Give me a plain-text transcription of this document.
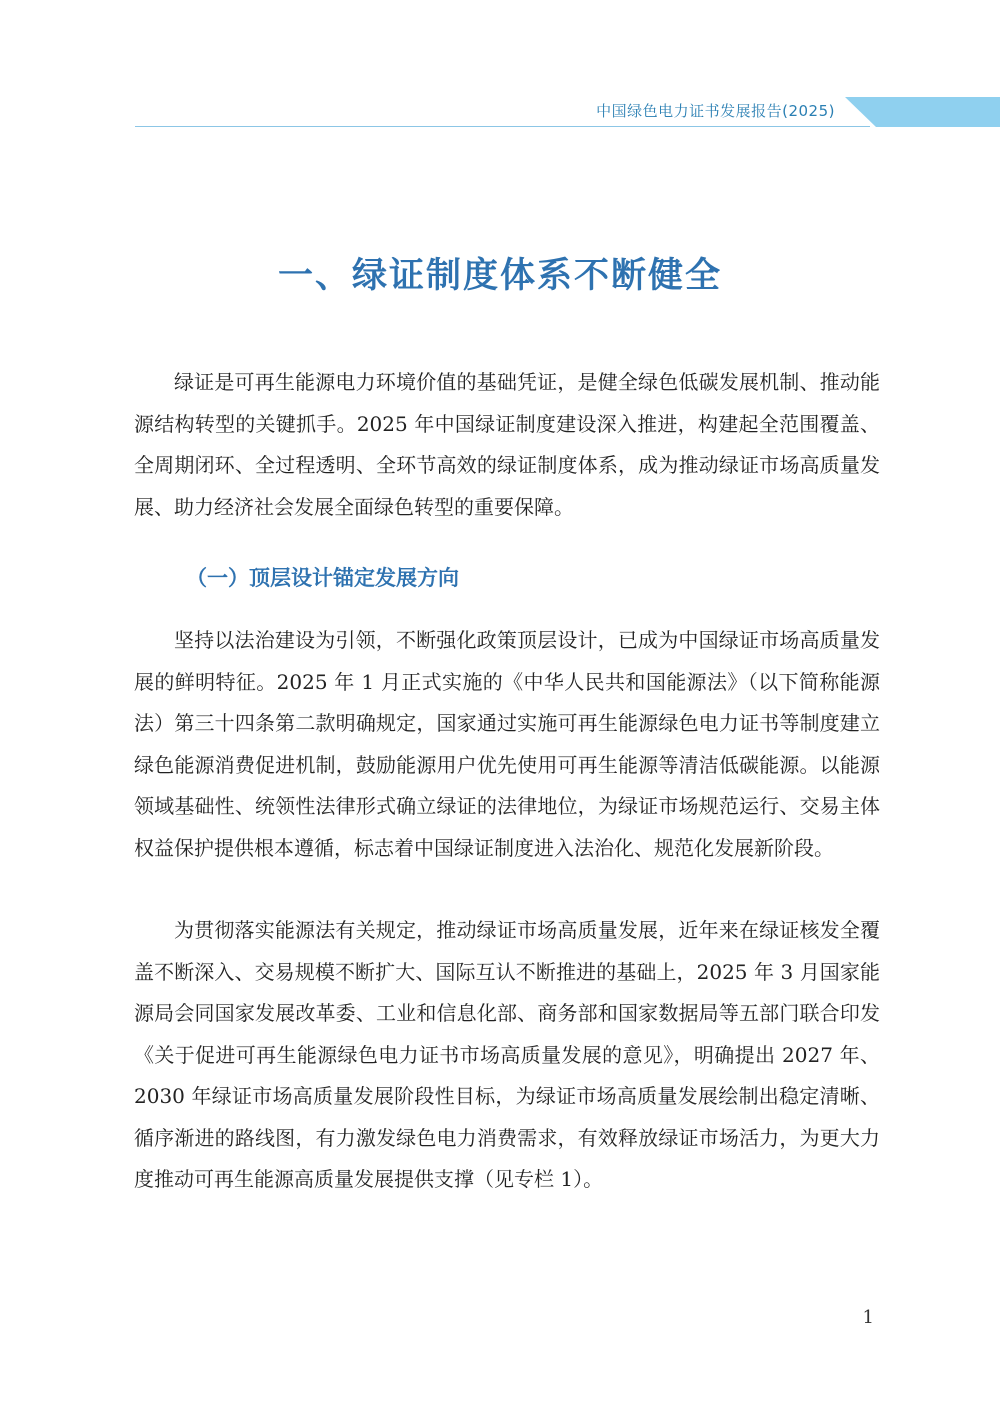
中国绿色电力证书发展报告(2025)
一、绿证制度体系不断健全

绿证是可再生能源电力环境价值的基础凭证，是健全绿色低碳发展机制、推动能源结构转型的关键抓手。2025 年中国绿证制度建设深入推进，构建起全范围覆盖、全周期闭环、全过程透明、全环节高效的绿证制度体系，成为推动绿证市场高质量发展、助力经济社会发展全面绿色转型的重要保障。

（一）顶层设计锚定发展方向

坚持以法治建设为引领，不断强化政策顶层设计，已成为中国绿证市场高质量发展的鲜明特征。2025 年 1 月正式实施的《中华人民共和国能源法》（以下简称能源法）第三十四条第二款明确规定，国家通过实施可再生能源绿色电力证书等制度建立绿色能源消费促进机制，鼓励能源用户优先使用可再生能源等清洁低碳能源。以能源领域基础性、统领性法律形式确立绿证的法律地位，为绿证市场规范运行、交易主体权益保护提供根本遵循，标志着中国绿证制度进入法治化、规范化发展新阶段。

为贯彻落实能源法有关规定，推动绿证市场高质量发展，近年来在绿证核发全覆盖不断深入、交易规模不断扩大、国际互认不断推进的基础上，2025 年 3 月国家能源局会同国家发展改革委、工业和信息化部、商务部和国家数据局等五部门联合印发《关于促进可再生能源绿色电力证书市场高质量发展的意见》，明确提出 2027 年、2030 年绿证市场高质量发展阶段性目标，为绿证市场高质量发展绘制出稳定清晰、循序渐进的路线图，有力激发绿色电力消费需求，有效释放绿证市场活力，为更大力度推动可再生能源高质量发展提供支撑（见专栏 1）。

1
